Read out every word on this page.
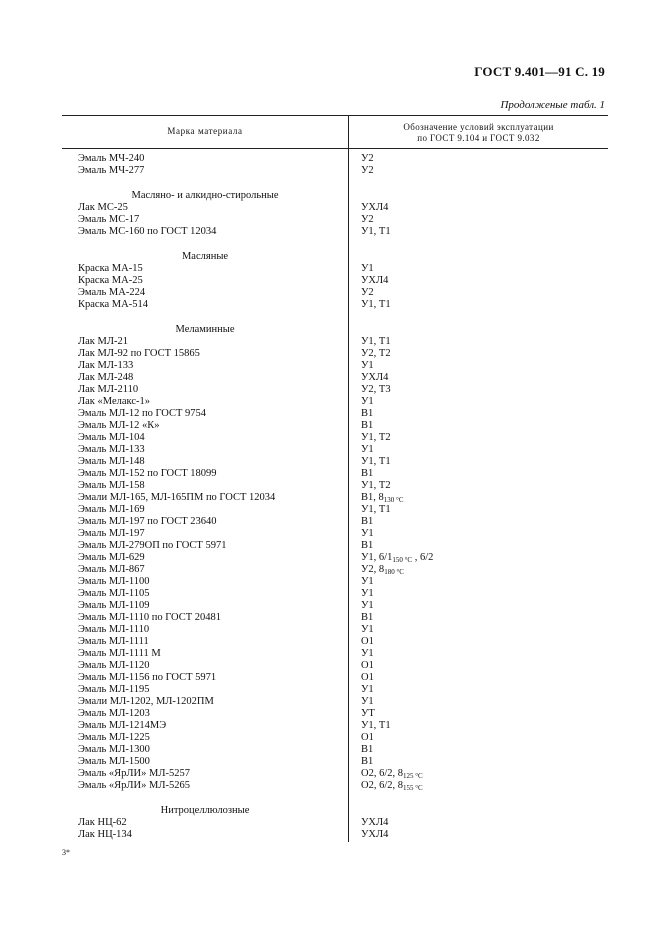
ГОСТ 9.401—91 С. 19
Продолженые табл. 1
Марка материала	Обозначение условий эксплуатации
по ГОСТ 9.104 и ГОСТ 9.032
Эмаль МЧ-240	У2
Эмаль МЧ-277	У2
Масляно- и алкидно-стирольные
Лак МС-25	УХЛ4
Эмаль МС-17	У2
Эмаль МС-160 по ГОСТ 12034	У1, Т1
Масляные
Краска МА-15	У1
Краска МА-25	УХЛ4
Эмаль МА-224	У2
Краска МА-514	У1, Т1
Меламинные
Лак МЛ-21	У1, Т1
Лак МЛ-92 по ГОСТ 15865	У2, Т2
Лак МЛ-133	У1
Лак МЛ-248	УХЛ4
Лак МЛ-2110	У2, Т3
Лак «Мелакс-1»	У1
Эмаль МЛ-12 по ГОСТ 9754	В1
Эмаль МЛ-12 «К»	В1
Эмаль МЛ-104	У1, Т2
Эмаль МЛ-133	У1
Эмаль МЛ-148	У1, Т1
Эмаль МЛ-152 по ГОСТ 18099	В1
Эмаль МЛ-158	У1, Т2
Эмали МЛ-165, МЛ-165ПМ по ГОСТ 12034	В1, $8_{130 ^\circ С}$
Эмаль МЛ-169	У1, Т1
Эмаль МЛ-197 по ГОСТ 23640	В1
Эмаль МЛ-197	У1
Эмаль МЛ-279ОП по ГОСТ 5971	В1
Эмаль МЛ-629	У1, $6/1_{150 ^\circ С}$ , 6/2
Эмаль МЛ-867	У2, $8_{180 ^\circ С}$
Эмаль МЛ-1100	У1
Эмаль МЛ-1105	У1
Эмаль МЛ-1109	У1
Эмаль МЛ-1110 по ГОСТ 20481	В1
Эмаль МЛ-1110	У1
Эмаль МЛ-1111	О1
Эмаль МЛ-1111 М	У1
Эмаль МЛ-1120	О1
Эмаль МЛ-1156 по ГОСТ 5971	О1
Эмаль МЛ-1195	У1
Эмали МЛ-1202, МЛ-1202ПМ	У1
Эмаль МЛ-1203	УТ
Эмаль МЛ-1214МЭ	У1, Т1
Эмаль МЛ-1225	О1
Эмаль МЛ-1300	В1
Эмаль МЛ-1500	В1
Эмаль «ЯрЛИ» МЛ-5257	О2, 6/2, $8_{125 ^\circ С}$
Эмаль «ЯрЛИ» МЛ-5265	О2, 6/2, $8_{155 ^\circ С}$
Нитроцеллюлозные
Лак НЦ-62	УХЛ4
Лак НЦ-134	УХЛ4
3*
